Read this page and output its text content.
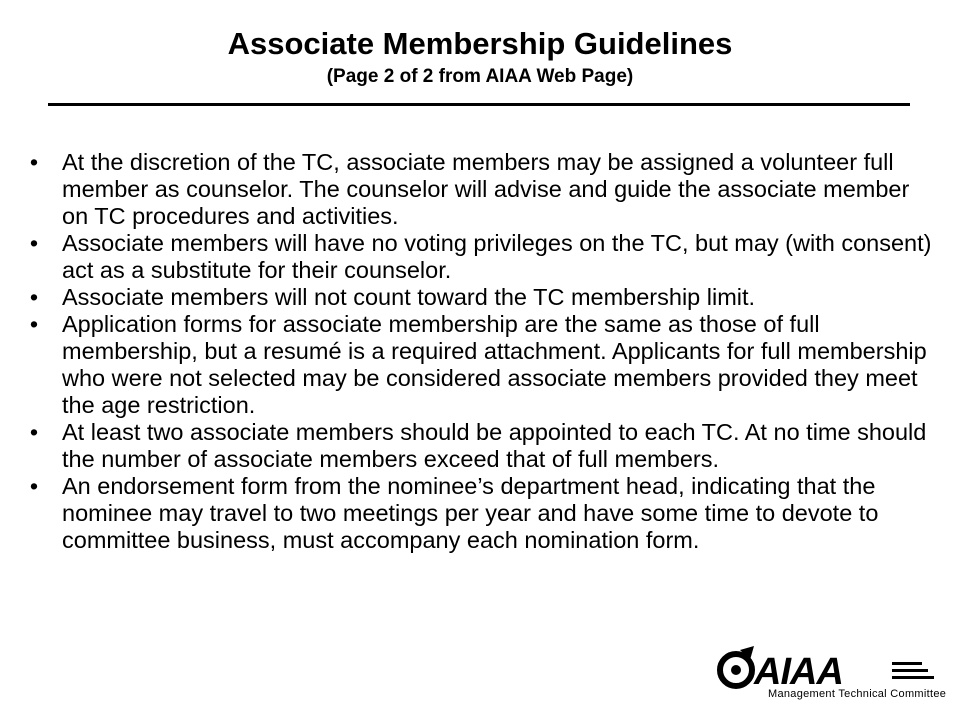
Associate Membership Guidelines
(Page 2 of 2 from AIAA Web Page)
• At the discretion of the TC, associate members may be assigned a volunteer full member as counselor. The counselor will advise and guide the associate member on TC procedures and activities.
• Associate members will have no voting privileges on the TC, but may (with consent) act as a substitute for their counselor.
• Associate members will not count toward the TC membership limit.
• Application forms for associate membership are the same as those of full membership, but a resumé is a required attachment. Applicants for full membership who were not selected may be considered associate members provided they meet the age restriction.
• At least two associate members should be appointed to each TC. At no time should the number of associate members exceed that of full members.
• An endorsement form from the nominee’s department head, indicating that the nominee may travel to two meetings per year and have some time to devote to committee business, must accompany each nomination form.
AIAA
Management Technical Committee
